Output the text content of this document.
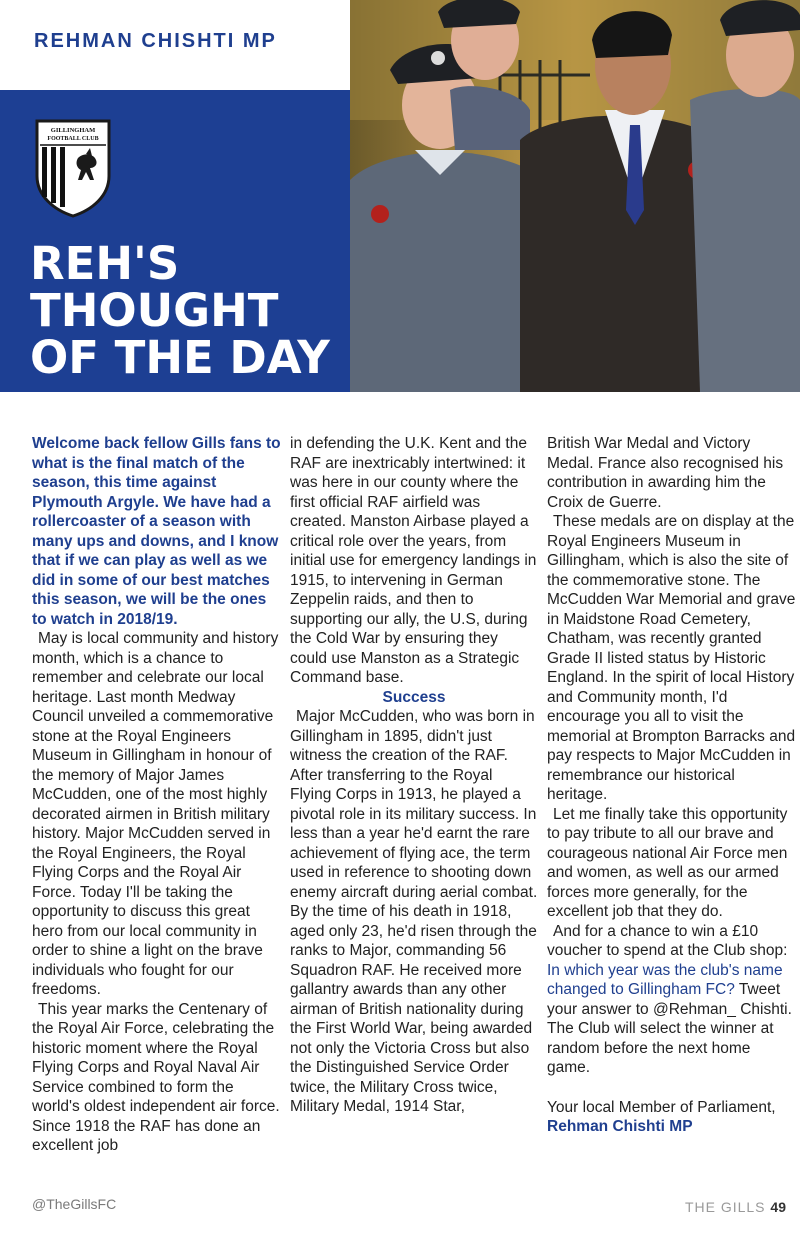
REHMAN CHISHTI MP
GILLINGHAM
FOOTBALL CLUB
REH'S
THOUGHT
OF THE DAY

Welcome back fellow Gills fans to what is the final match of the season, this time against Plymouth Argyle. We have had a rollercoaster of a season with many ups and downs, and I know that if we can play as well as we did in some of our best matches this season, we will be the ones to watch in 2018/19.

May is local community and history month, which is a chance to remember and celebrate our local heritage. Last month Medway Council unveiled a commemorative stone at the Royal Engineers Museum in Gillingham in honour of the memory of Major James McCudden, one of the most highly decorated airmen in British military history. Major McCudden served in the Royal Engineers, the Royal Flying Corps and the Royal Air Force. Today I'll be taking the opportunity to discuss this great hero from our local community in order to shine a light on the brave individuals who fought for our freedoms.

This year marks the Centenary of the Royal Air Force, celebrating the historic moment where the Royal Flying Corps and Royal Naval Air Service combined to form the world's oldest independent air force. Since 1918 the RAF has done an excellent job

in defending the U.K. Kent and the RAF are inextricably intertwined: it was here in our county where the first official RAF airfield was created. Manston Airbase played a critical role over the years, from initial use for emergency landings in 1915, to intervening in German Zeppelin raids, and then to supporting our ally, the U.S, during the Cold War by ensuring they could use Manston as a Strategic Command base.

Success

Major McCudden, who was born in Gillingham in 1895, didn't just witness the creation of the RAF. After transferring to the Royal Flying Corps in 1913, he played a pivotal role in its military success. In less than a year he'd earnt the rare achievement of flying ace, the term used in reference to shooting down enemy aircraft during aerial combat. By the time of his death in 1918, aged only 23, he'd risen through the ranks to Major, commanding 56 Squadron RAF. He received more gallantry awards than any other airman of British nationality during the First World War, being awarded not only the Victoria Cross but also the Distinguished Service Order twice, the Military Cross twice, Military Medal, 1914 Star,

British War Medal and Victory Medal. France also recognised his contribution in awarding him the Croix de Guerre.

These medals are on display at the Royal Engineers Museum in Gillingham, which is also the site of the commemorative stone. The McCudden War Memorial and grave in Maidstone Road Cemetery, Chatham, was recently granted Grade II listed status by Historic England. In the spirit of local History and Community month, I'd encourage you all to visit the memorial at Brompton Barracks and pay respects to Major McCudden in remembrance our historical heritage.

Let me finally take this opportunity to pay tribute to all our brave and courageous national Air Force men and women, as well as our armed forces more generally, for the excellent job that they do.

And for a chance to win a £10 voucher to spend at the Club shop: In which year was the club's name changed to Gillingham FC? Tweet your answer to @Rehman_ Chishti. The Club will select the winner at random before the next home game.

Your local Member of Parliament,

Rehman Chishti MP

@TheGillsFC	THE GILLS 49
